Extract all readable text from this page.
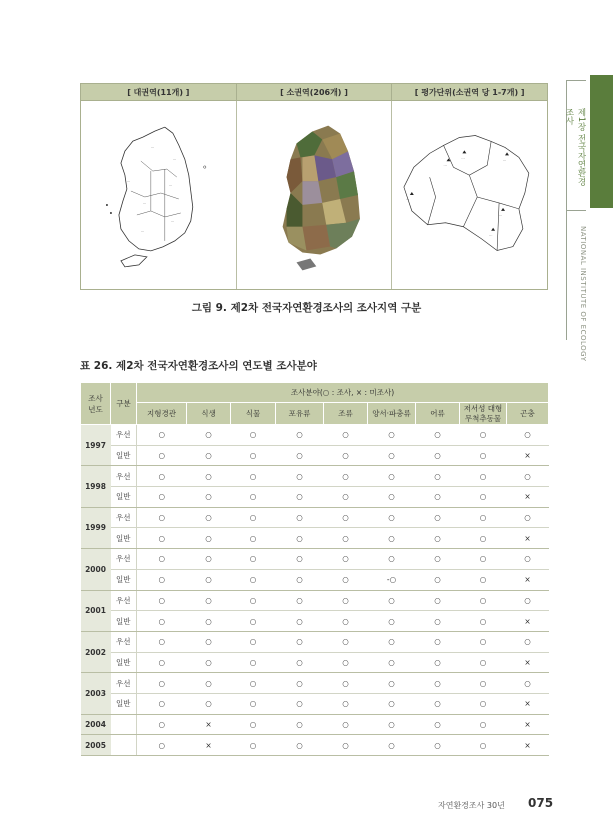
[ 대권역(11개) ]	[ 소권역(206개) ]	[ 평가단위(소권역 당 1-7개) ]
···
···
···
···
···
···
···
···
···	···
···
···
···
그림 9. 제2차 전국자연환경조사의 조사지역 구분
표 26. 제2차 전국자연환경조사의 연도별 조사분야
조사
년도	구분	조사분야(○ : 조사, × : 미조사)								
		지형경관	식생	식물	포유류	조류	양서·파충류	어류	저서성 대형
무척추동물	곤충
1997	우선	○	○	○	○	○	○	○	○	○
	일반	○	○	○	○	○	○	○	○	×
1998	우선	○	○	○	○	○	○	○	○	○
	일반	○	○	○	○	○	○	○	○	×
1999	우선	○	○	○	○	○	○	○	○	○
	일반	○	○	○	○	○	○	○	○	×
2000	우선	○	○	○	○	○	○	○	○	○
	일반	○	○	○	○	○	-○	○	○	×
2001	우선	○	○	○	○	○	○	○	○	○
	일반	○	○	○	○	○	○	○	○	×
2002	우선	○	○	○	○	○	○	○	○	○
	일반	○	○	○	○	○	○	○	○	×
2003	우선	○	○	○	○	○	○	○	○	○
	일반	○	○	○	○	○	○	○	○	×
2004		○	×	○	○	○	○	○	○	×
2005		○	×	○	○	○	○	○	○	×
제1장 전국자연환경조사
NATIONAL INSTITUTE OF ECOLOGY
자연환경조사 30년 075
